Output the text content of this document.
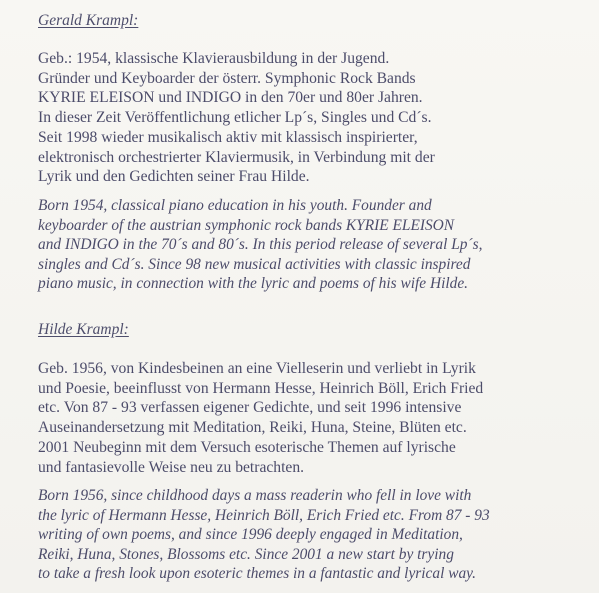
Gerald Krampl:

Geb.: 1954, klassische Klavierausbildung in der Jugend.
Gründer und Keyboarder der österr. Symphonic Rock Bands
KYRIE ELEISON und INDIGO in den 70er und 80er Jahren.
In dieser Zeit Veröffentlichung etlicher Lp´s, Singles und Cd´s.
Seit 1998 wieder musikalisch aktiv mit klassisch inspirierter,
elektronisch orchestrierter Klaviermusik, in Verbindung mit der
Lyrik und den Gedichten seiner Frau Hilde.

Born 1954, classical piano education in his youth. Founder and
keyboarder of the austrian symphonic rock bands KYRIE ELEISON
and INDIGO in the 70´s and 80´s. In this period release of several Lp´s,
singles and Cd´s. Since 98 new musical activities with classic inspired
piano music, in connection with the lyric and poems of his wife Hilde.

Hilde Krampl:

Geb. 1956, von Kindesbeinen an eine Vielleserin und verliebt in Lyrik
und Poesie, beeinflusst von Hermann Hesse, Heinrich Böll, Erich Fried
etc. Von 87 - 93 verfassen eigener Gedichte, und seit 1996 intensive
Auseinandersetzung mit Meditation, Reiki, Huna, Steine, Blüten etc.
2001 Neubeginn mit dem Versuch esoterische Themen auf lyrische
und fantasievolle Weise neu zu betrachten.

Born 1956, since childhood days a mass readerin who fell in love with
the lyric of Hermann Hesse, Heinrich Böll, Erich Fried etc. From 87 - 93
writing of own poems, and since 1996 deeply engaged in Meditation,
Reiki, Huna, Stones, Blossoms etc. Since 2001 a new start by trying
to take a fresh look upon esoteric themes in a fantastic and lyrical way.
